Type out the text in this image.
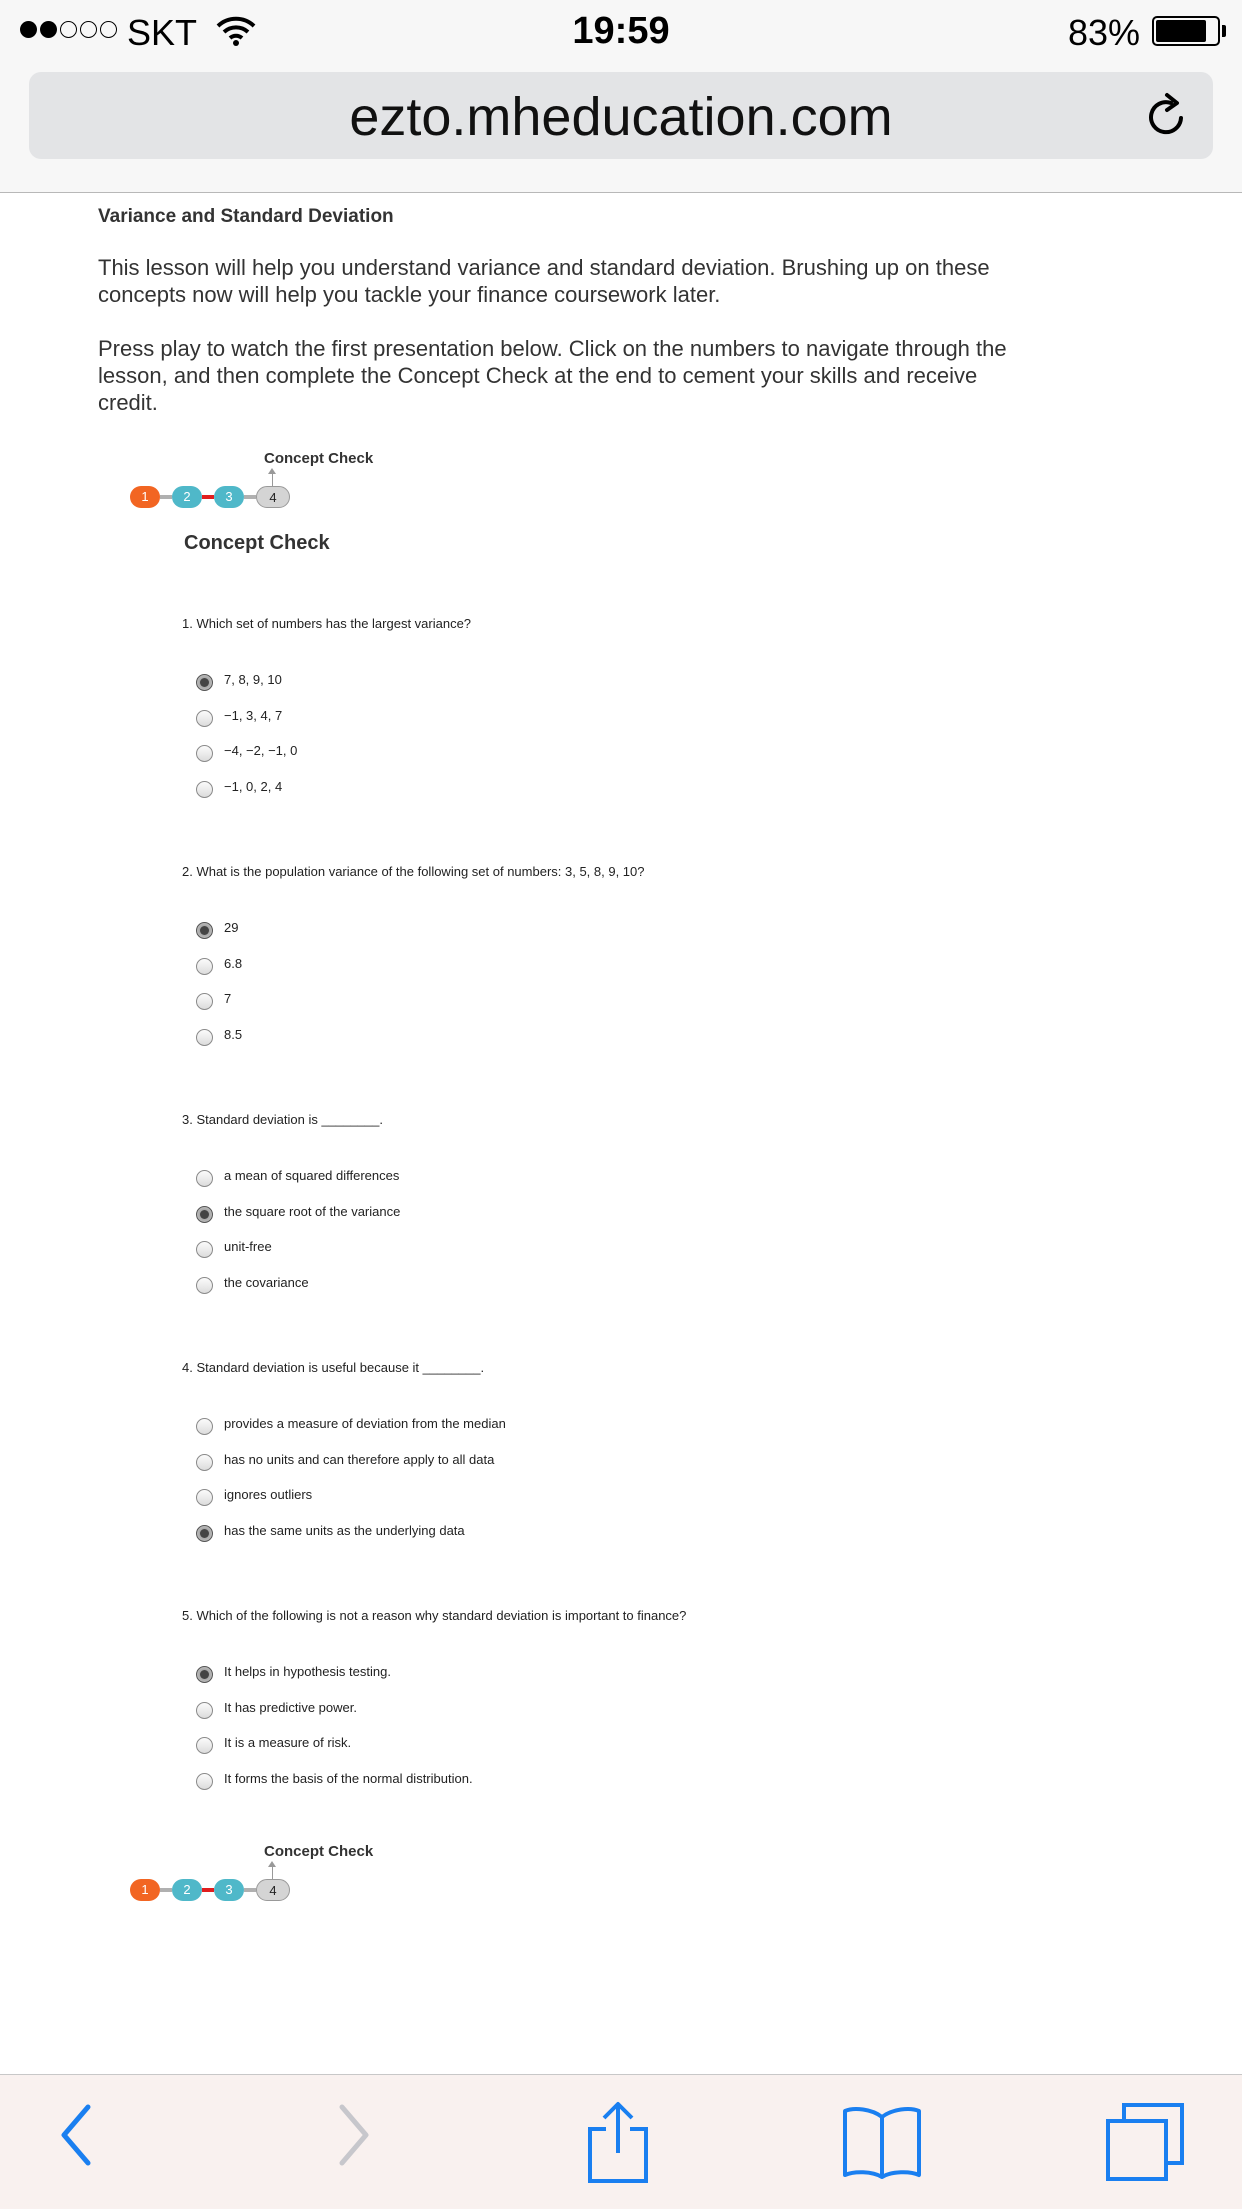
SKT	19:59	83%
ezto.mheducation.com
Variance and Standard Deviation
This lesson will help you understand variance and standard deviation. Brushing up on these concepts now will help you tackle your finance coursework later.
Press play to watch the first presentation below. Click on the numbers to navigate through the lesson, and then complete the Concept Check at the end to cement your skills and receive credit.
Concept Check
1	2	3	4
Concept Check
1. Which set of numbers has the largest variance?
7, 8, 9, 10
−1, 3, 4, 7
−4, −2, −1, 0
−1, 0, 2, 4
2. What is the population variance of the following set of numbers: 3, 5, 8, 9, 10?
29
6.8
7
8.5
3. Standard deviation is ________.
a mean of squared differences
the square root of the variance
unit-free
the covariance
4. Standard deviation is useful because it ________.
provides a measure of deviation from the median
has no units and can therefore apply to all data
ignores outliers
has the same units as the underlying data
5. Which of the following is not a reason why standard deviation is important to finance?
It helps in hypothesis testing.
It has predictive power.
It is a measure of risk.
It forms the basis of the normal distribution.
Concept Check
1	2	3	4
